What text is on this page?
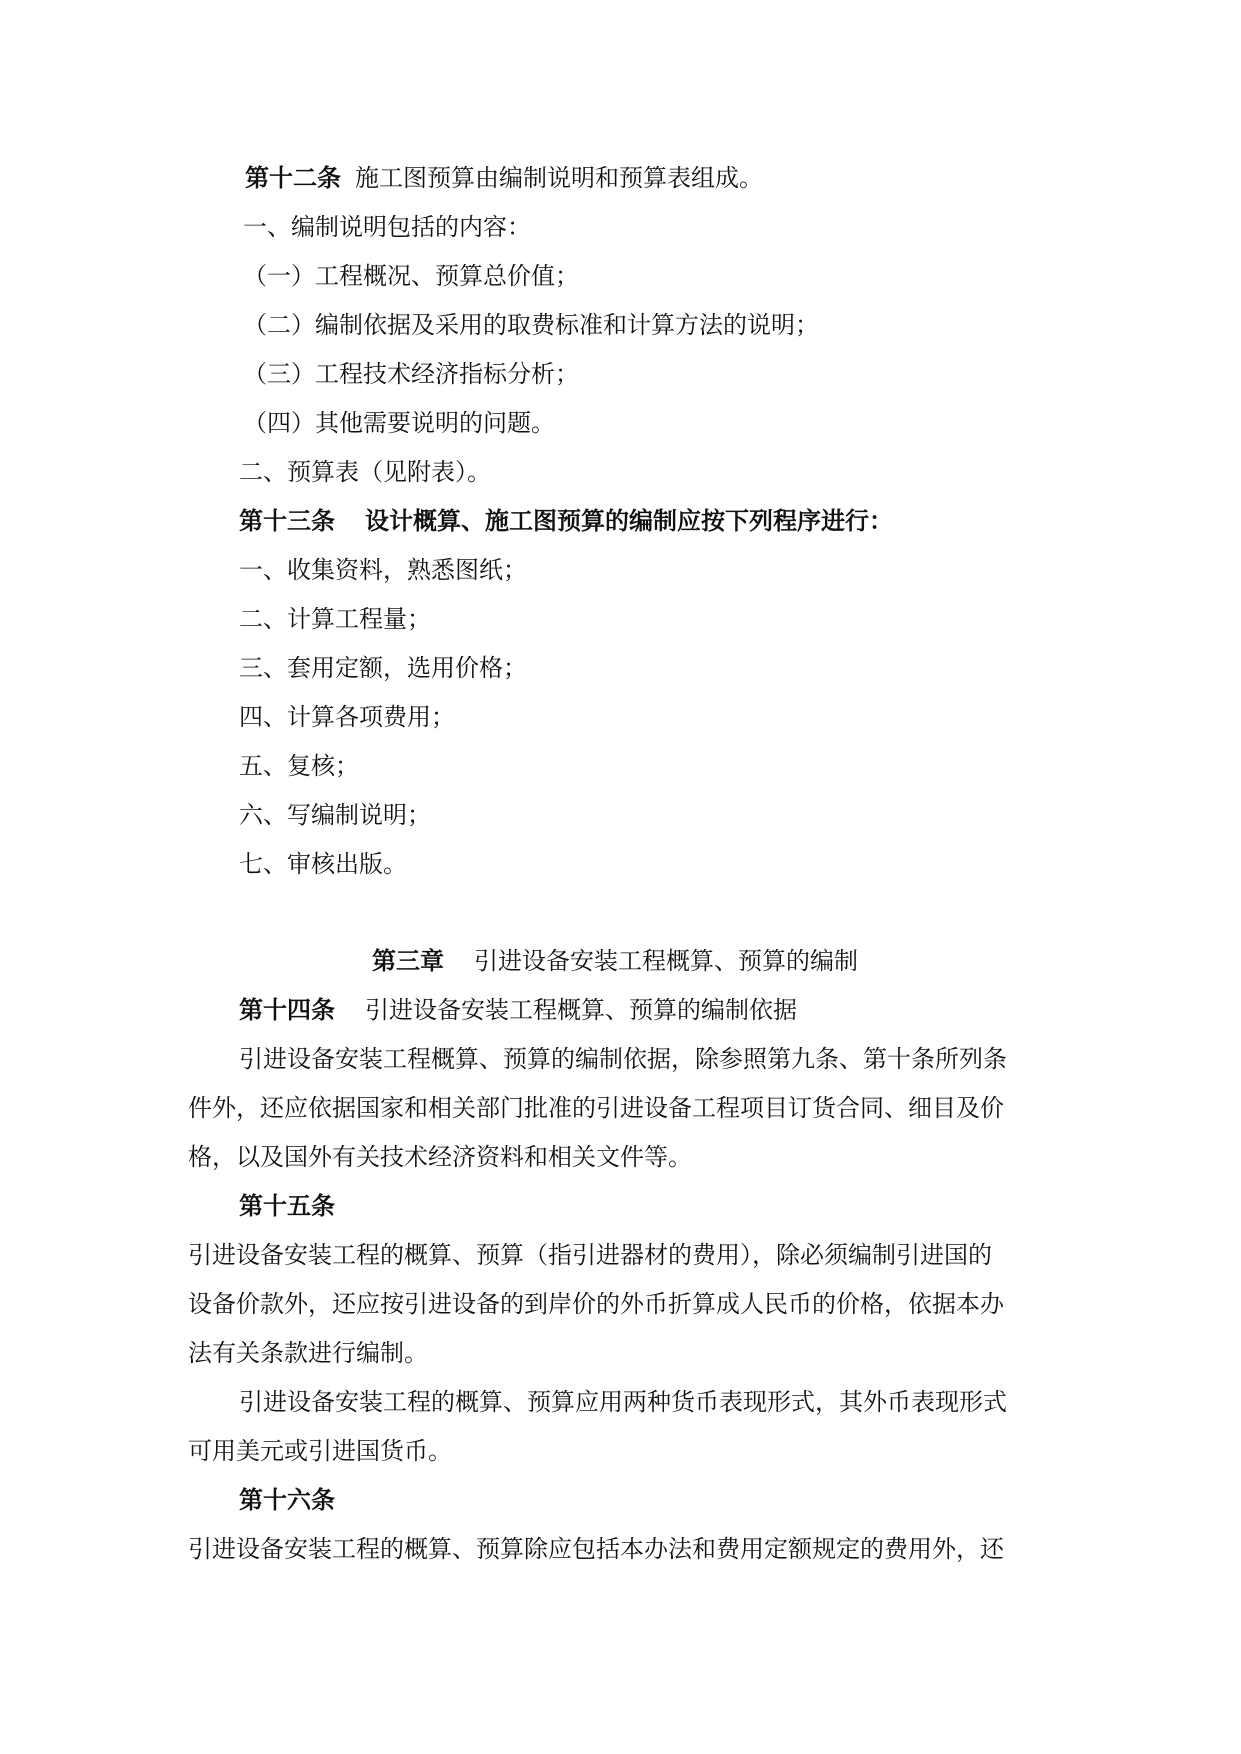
第十二条 施工图预算由编制说明和预算表组成。
一、编制说明包括的内容：
（一）工程概况、预算总价值；
（二）编制依据及采用的取费标准和计算方法的说明；
（三）工程技术经济指标分析；
（四）其他需要说明的问题。
二、预算表（见附表）。
第十三条 设计概算、施工图预算的编制应按下列程序进行：
一、收集资料，熟悉图纸；
二、计算工程量；
三、套用定额，选用价格；
四、计算各项费用；
五、复核；
六、写编制说明；
七、审核出版。
第三章 引进设备安装工程概算、预算的编制
第十四条 引进设备安装工程概算、预算的编制依据
引进设备安装工程概算、预算的编制依据，除参照第九条、第十条所列条
件外，还应依据国家和相关部门批准的引进设备工程项目订货合同、细目及价
格，以及国外有关技术经济资料和相关文件等。
第十五条
引进设备安装工程的概算、预算（指引进器材的费用），除必须编制引进国的
设备价款外，还应按引进设备的到岸价的外币折算成人民币的价格，依据本办
法有关条款进行编制。
引进设备安装工程的概算、预算应用两种货币表现形式，其外币表现形式
可用美元或引进国货币。
第十六条
引进设备安装工程的概算、预算除应包括本办法和费用定额规定的费用外，还
